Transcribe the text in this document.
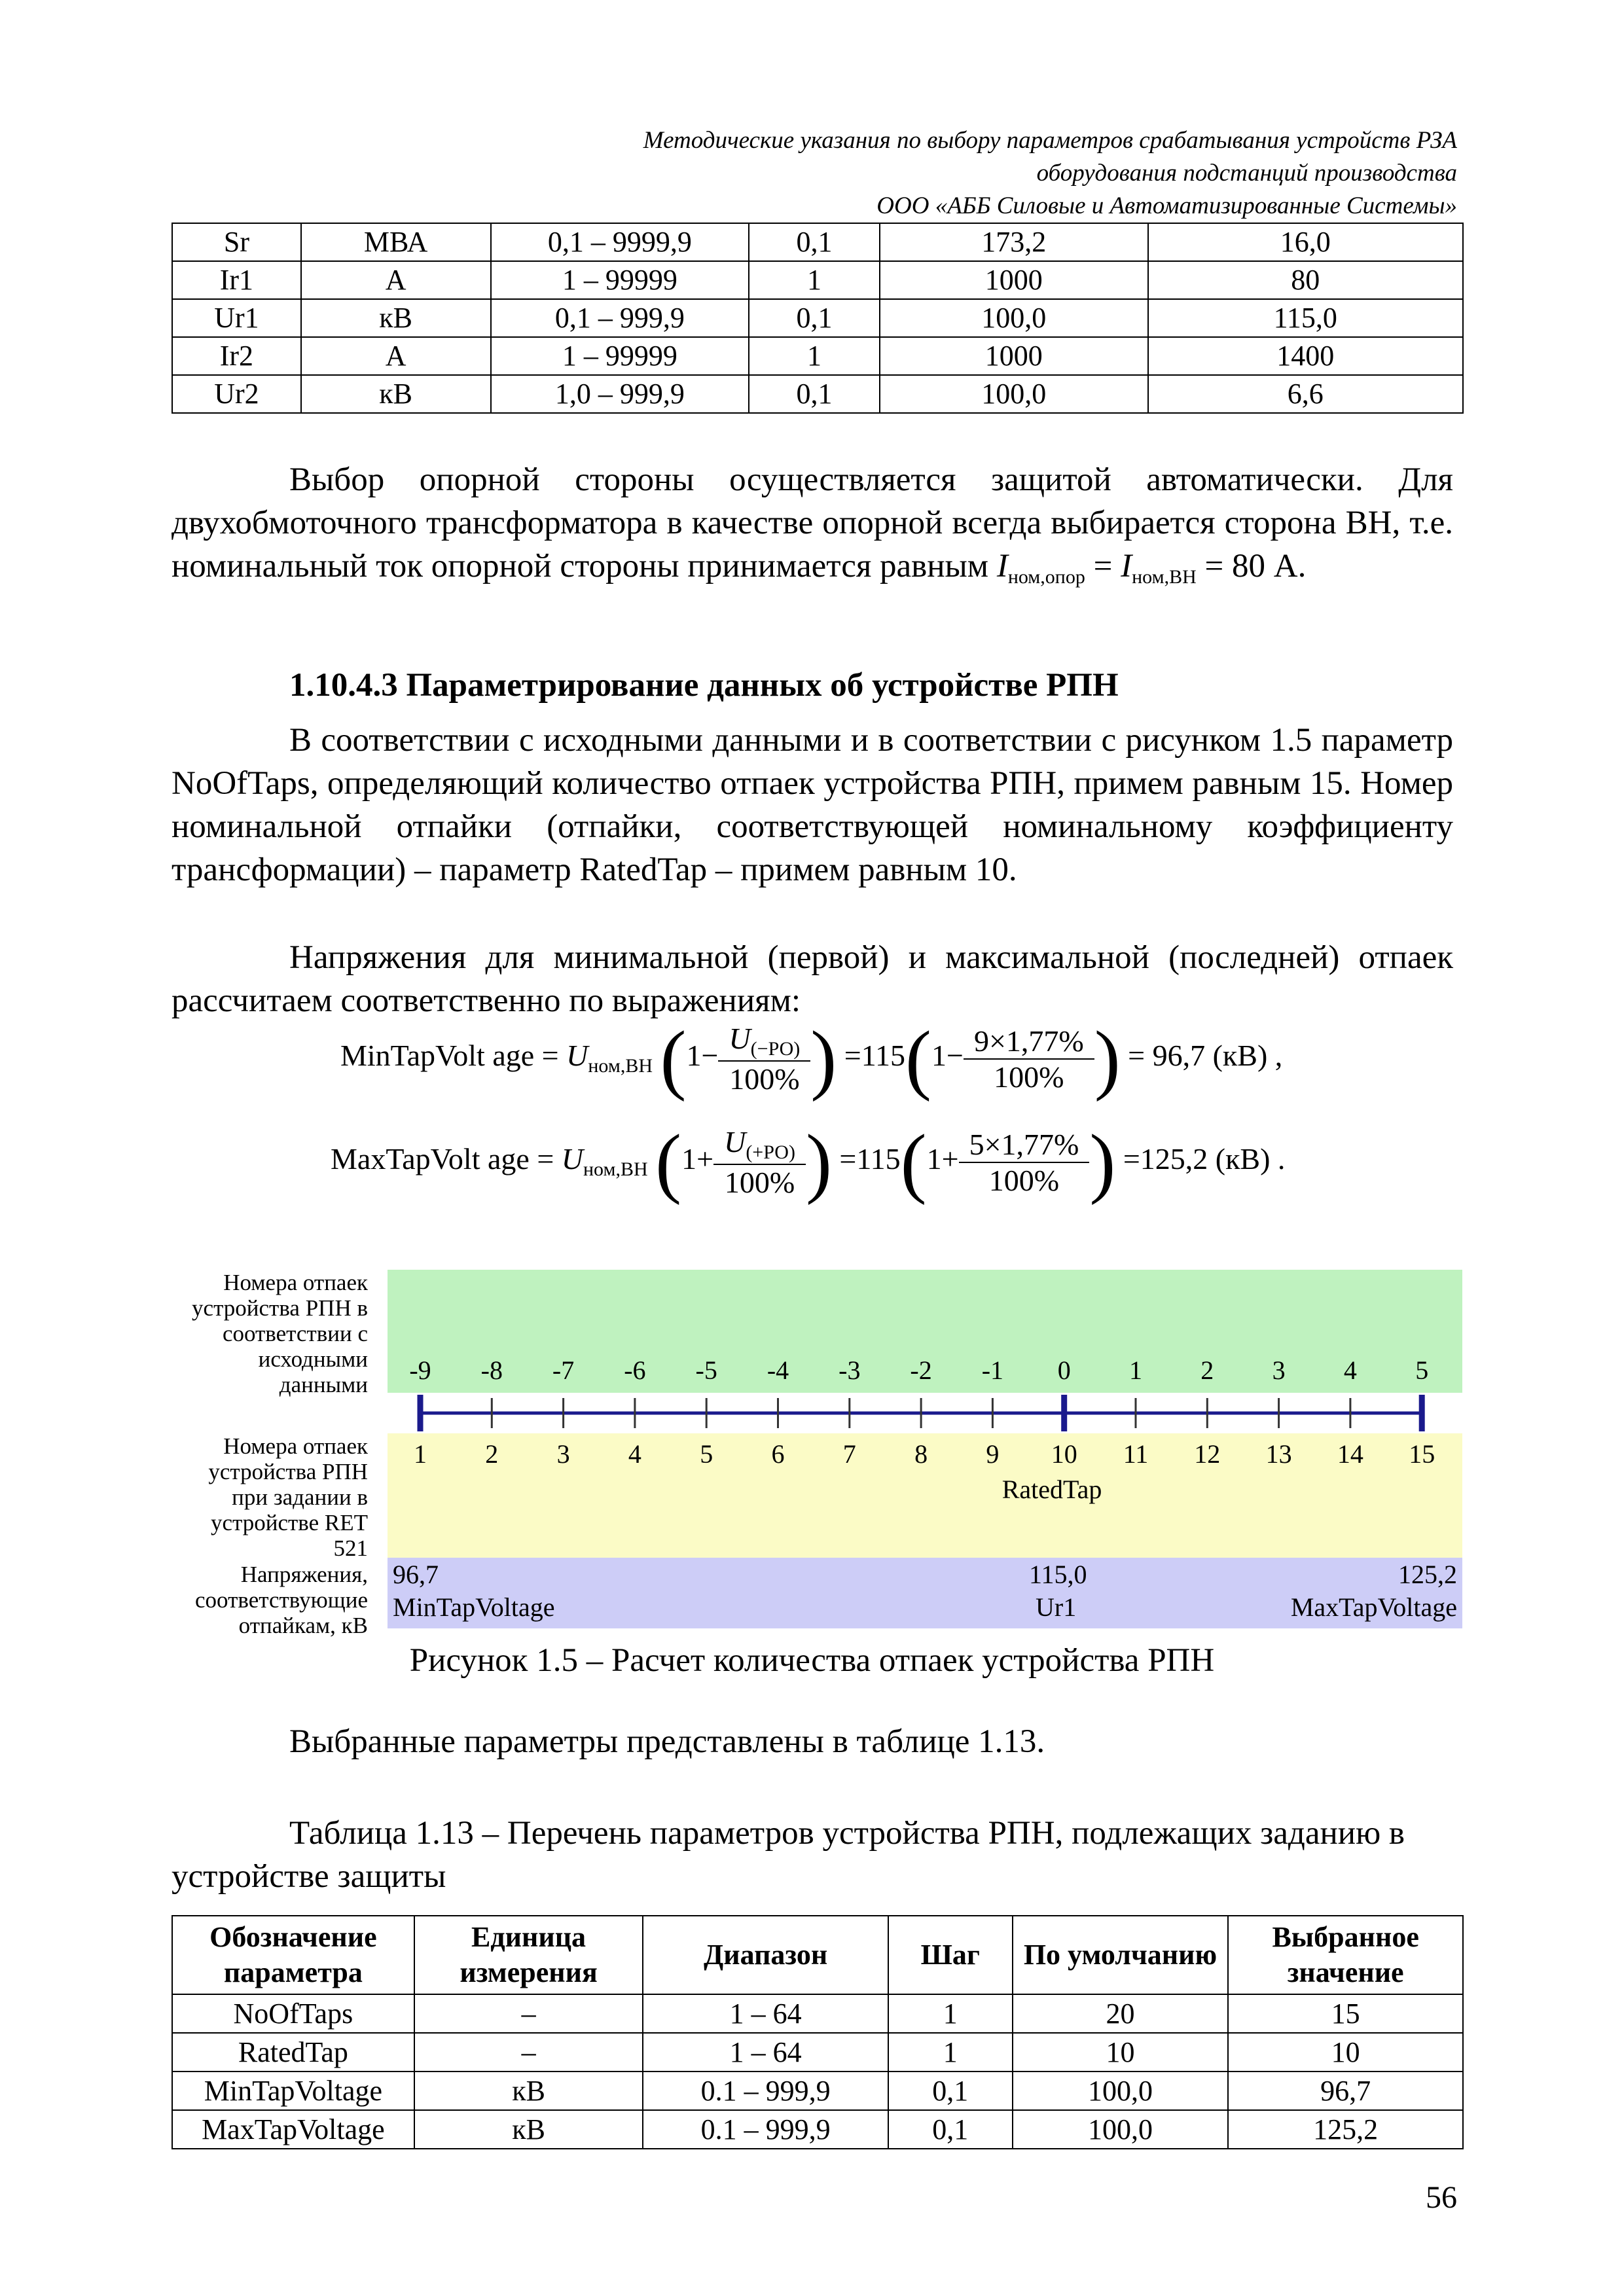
Методические указания по выбору параметров срабатывания устройств РЗА
оборудования подстанций производства
ООО «АББ Силовые и Автоматизированные Системы»
Sr	МВА	0,1 – 9999,9	0,1	173,2	16,0
Ir1	А	1 – 99999	1	1000	80
Ur1	кВ	0,1 – 999,9	0,1	100,0	115,0
Ir2	А	1 – 99999	1	1000	1400
Ur2	кВ	1,0 – 999,9	0,1	100,0	6,6
Выбор опорной стороны осуществляется защитой автоматически. Для двухобмоточного трансформатора в качестве опорной всегда выбирается сторона ВН, т.е. номинальный ток опорной стороны принимается равным $I_{ном,опор} = I_{ном,ВН} = 80$ А.
1.10.4.3 Параметрирование данных об устройстве РПН
В соответствии с исходными данными и в соответствии с рисунком 1.5 параметр NoOfTaps, определяющий количество отпаек устройства РПН, примем равным 15. Номер номинальной отпайки (отпайки, соответствующей номинальному коэффициенту трансформации) – параметр RatedTap – примем равным 10.
Напряжения для минимальной (первой) и максимальной (последней) отпаек рассчитаем соответственно по выражениям:
MinTapVolt age = $U_{ном,ВН}$ ($1- \frac{U_{(-РО)}}{100\%}$ ) $=115(1- \frac{9\times 1,77\%}{100\%}$ ) = 96,7 (кВ) ,
MaxTapVolt age = $U_{ном,ВН}$ ($1+ \frac{U_{(+РО)}}{100\%}$ ) $=115(1+ \frac{5\times 1,77\%}{100\%}$ ) =125,2 (кВ) .
Номера отпаек устройства РПН в соответствии с исходными данными
Номера отпаек устройства РПН при задании в устройстве RET 521
Напряжения, соответствующие отпайкам, кВ
-9	-8	-7	-6	-5	-4	-3	-2	-1	0	1	2	3	4	5
1	2	3	4	5	6	7	8	9	10	11	12	13	14	15
RatedTap
96,7
MinTapVoltage
115,0
Ur1
125,2
MaxTapVoltage
Рисунок 1.5 – Расчет количества отпаек устройства РПН
Выбранные параметры представлены в таблице 1.13.
Таблица 1.13 – Перечень параметров устройства РПН, подлежащих заданию в устройстве защиты
Обозначение параметра	Единица измерения	Диапазон	Шаг	По умолчанию	Выбранное значение
NoOfTaps	–	1 – 64	1	20	15
RatedTap	–	1 – 64	1	10	10
MinTapVoltage	кВ	0.1 – 999,9	0,1	100,0	96,7
MaxTapVoltage	кВ	0.1 – 999,9	0,1	100,0	125,2
56
